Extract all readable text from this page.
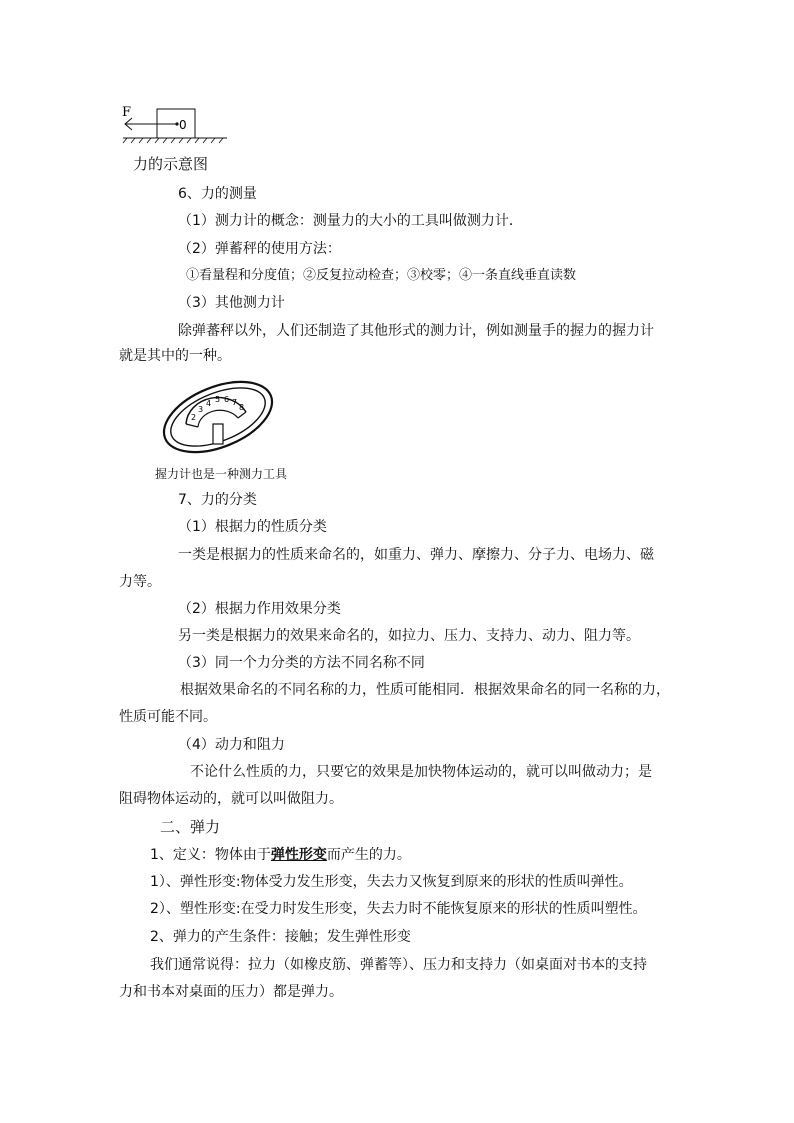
F
0
力的示意图
6、力的测量
（1）测力计的概念：测量力的大小的工具叫做测力计．
（2）弹蓄秤的使用方法：
①看量程和分度值；②反复拉动检查；③校零；④一条直线垂直读数
（3）其他测力计
除弹蕃秤以外，人们还制造了其他形式的测力计，例如测量手的握力的握力计
就是其中的一种。
2
3
4 5 6 7
8
握力计也是一种测力工具
7、力的分类
（1）根据力的性质分类
一类是根据力的性质来命名的，如重力、弹力、摩擦力、分子力、电场力、磁
力等。
（2）根据力作用效果分类
另一类是根据力的效果来命名的，如拉力、压力、支持力、动力、阻力等。
（3）同一个力分类的方法不同名称不同
根据效果命名的不同名称的力，性质可能相同．根据效果命名的同一名称的力，
性质可能不同。
（4）动力和阻力
不论什么性质的力，只要它的效果是加快物体运动的，就可以叫做动力；是
阻碍物体运动的，就可以叫做阻力。
二、弹力
1、定义：物体由于弹性形变而产生的力。
1）、弹性形变:物体受力发生形变，失去力又恢复到原来的形状的性质叫弹性。
2）、塑性形变:在受力时发生形变，失去力时不能恢复原来的形状的性质叫塑性。
2、弹力的产生条件：接触；发生弹性形变
我们通常说得：拉力（如橡皮筋、弹蓄等）、压力和支持力（如桌面对书本的支持
力和书本对桌面的压力）都是弹力。
